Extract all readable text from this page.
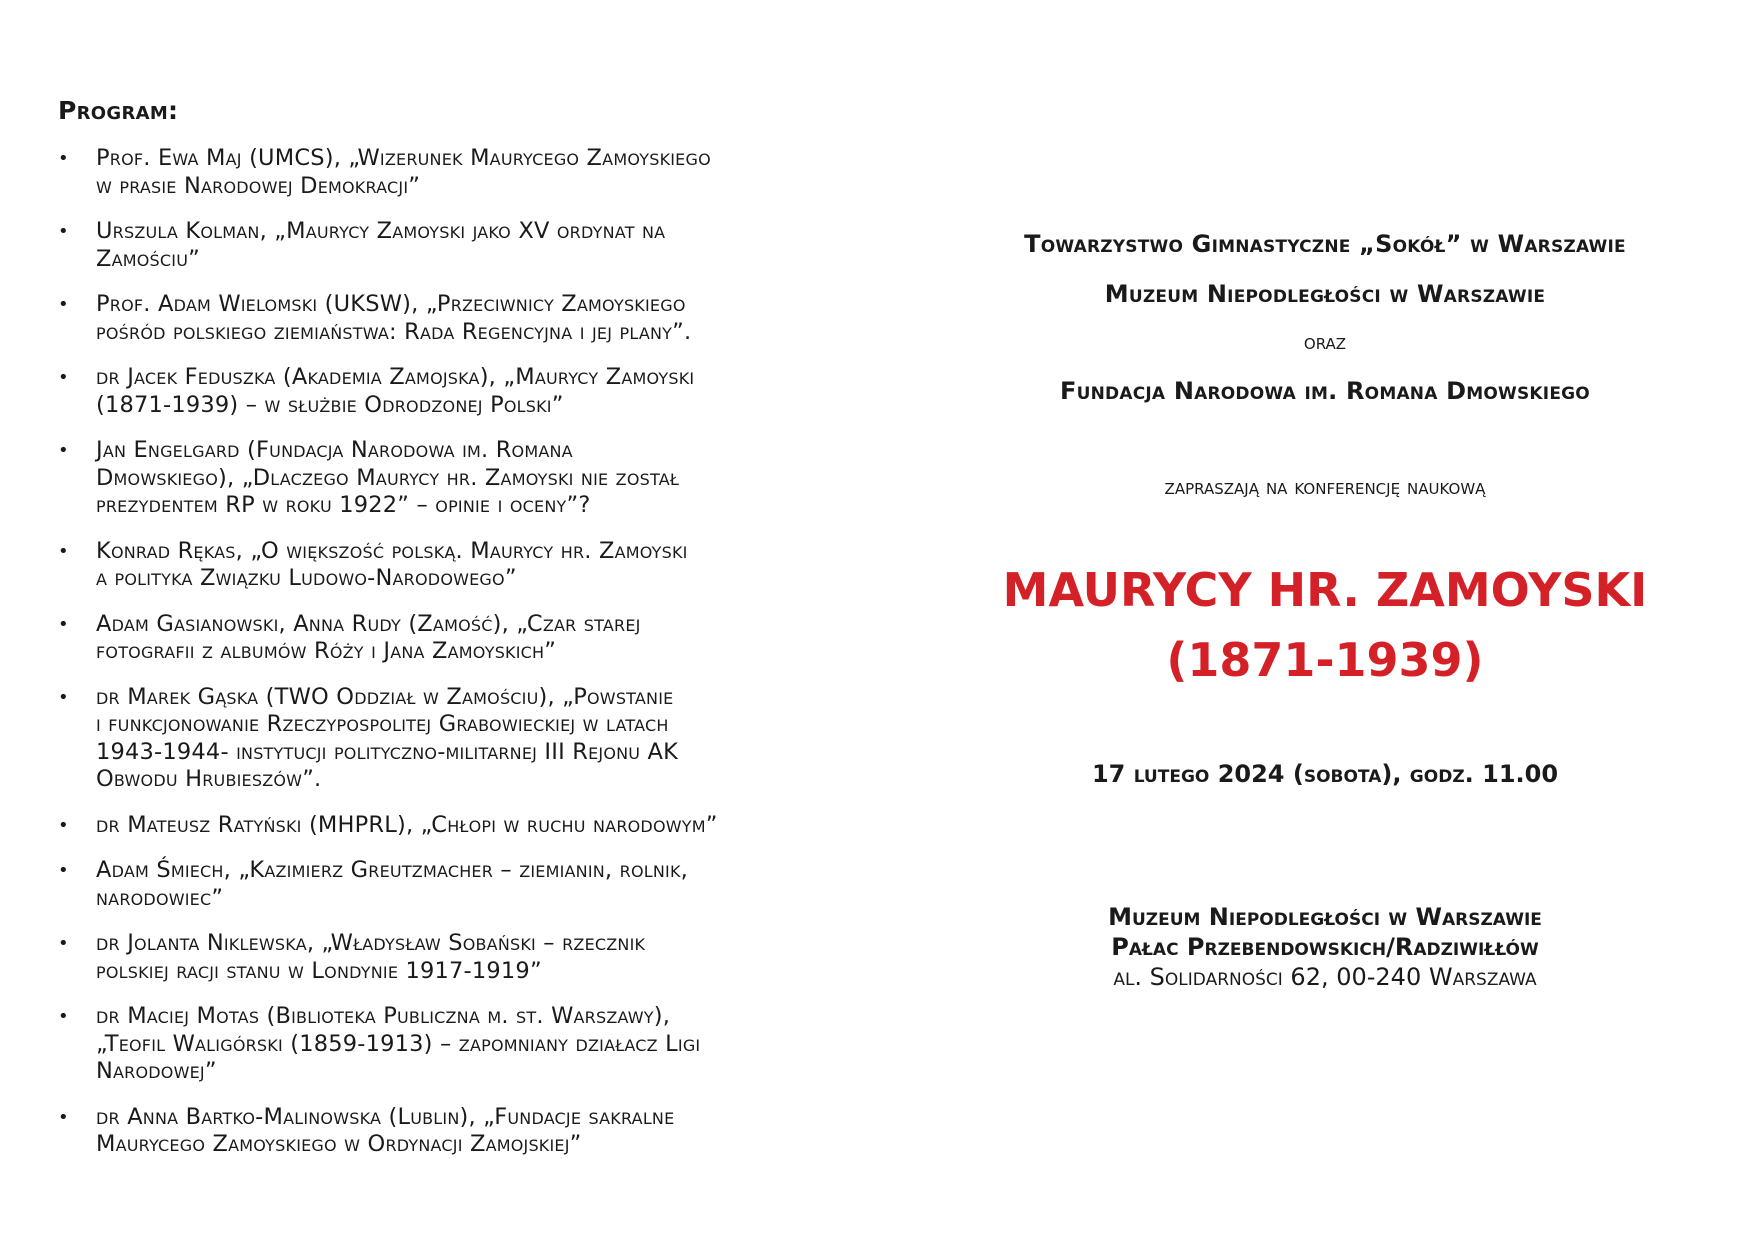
Program:
• Prof. Ewa Maj (UMCS), „Wizerunek Maurycego Zamoyskiego
w prasie Narodowej Demokracji”
• Urszula Kolman, „Maurycy Zamoyski jako XV ordynat na
Zamościu”
• Prof. Adam Wielomski (UKSW), „Przeciwnicy Zamoyskiego
pośród polskiego ziemiaństwa: Rada Regencyjna i jej plany”.
• dr Jacek Feduszka (Akademia Zamojska), „Maurycy Zamoyski
(1871-1939) – w służbie Odrodzonej Polski”
• Jan Engelgard (Fundacja Narodowa im. Romana
Dmowskiego), „Dlaczego Maurycy hr. Zamoyski nie został
prezydentem RP w roku 1922” – opinie i oceny”?
• Konrad Rękas, „O większość polską. Maurycy hr. Zamoyski
a polityka Związku Ludowo-Narodowego”
• Adam Gasianowski, Anna Rudy (Zamość), „Czar starej
fotografii z albumów Róży i Jana Zamoyskich”
• dr Marek Gąska (TWO Oddział w Zamościu), „Powstanie
i funkcjonowanie Rzeczypospolitej Grabowieckiej w latach
1943-1944- instytucji polityczno-militarnej III Rejonu AK
Obwodu Hrubieszów”.
• dr Mateusz Ratyński (MHPRL), „Chłopi w ruchu narodowym”
• Adam Śmiech, „Kazimierz Greutzmacher – ziemianin, rolnik,
narodowiec”
• dr Jolanta Niklewska, „Władysław Sobański – rzecznik
polskiej racji stanu w Londynie 1917-1919”
• dr Maciej Motas (Biblioteka Publiczna m. st. Warszawy),
„Teofil Waligórski (1859-1913) – zapomniany działacz Ligi
Narodowej”
• dr Anna Bartko-Malinowska (Lublin), „Fundacje sakralne
Maurycego Zamoyskiego w Ordynacji Zamojskiej”
Towarzystwo Gimnastyczne „Sokół” w Warszawie
Muzeum Niepodległości w Warszawie
oraz
Fundacja Narodowa im. Romana Dmowskiego
zapraszają na konferencję naukową
MAURYCY HR. ZAMOYSKI
(1871-1939)
17 lutego 2024 (sobota), godz. 11.00
Muzeum Niepodległości w Warszawie
Pałac Przebendowskich/Radziwiłłów
al. Solidarności 62, 00-240 Warszawa
